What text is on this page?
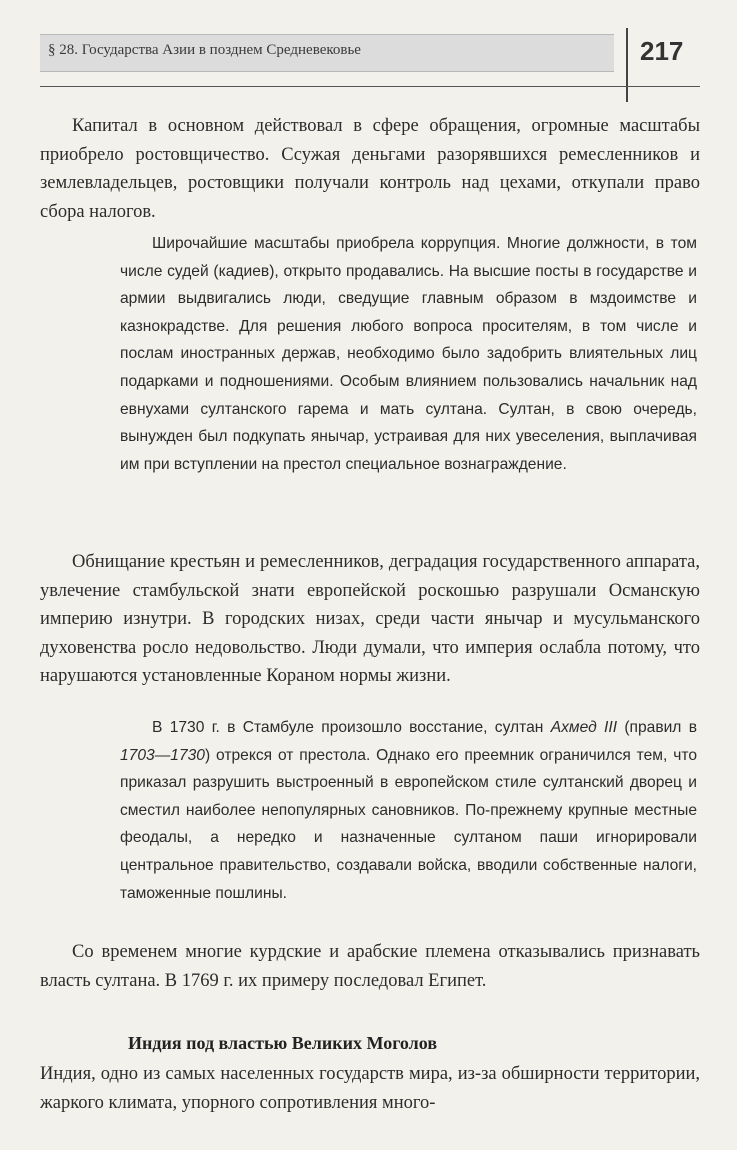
§ 28. Государства Азии в позднем Средневековье	217

Капитал в основном действовал в сфере обращения, огромные масштабы приобрело ростовщичество. Ссужая деньгами разорявшихся ремесленников и землевладельцев, ростовщики получали контроль над цехами, откупали право сбора налогов.

Широчайшие масштабы приобрела коррупция. Многие должности, в том числе судей (кадиев), открыто продавались. На высшие посты в государстве и армии выдвигались люди, сведущие главным образом в мздоимстве и казнокрадстве. Для решения любого вопроса просителям, в том числе и послам иностранных держав, необходимо было задобрить влиятельных лиц подарками и подношениями. Особым влиянием пользовались начальник над евнухами султанского гарема и мать султана. Султан, в свою очередь, вынужден был подкупать янычар, устраивая для них увеселения, выплачивая им при вступлении на престол специальное вознаграждение.

Обнищание крестьян и ремесленников, деградация государственного аппарата, увлечение стамбульской знати европейской роскошью разрушали Османскую империю изнутри. В городских низах, среди части янычар и мусульманского духовенства росло недовольство. Люди думали, что империя ослабла потому, что нарушаются установленные Кораном нормы жизни.

В 1730 г. в Стамбуле произошло восстание, султан Ахмед III (правил в 1703—1730) отрекся от престола. Однако его преемник ограничился тем, что приказал разрушить выстроенный в европейском стиле султанский дворец и сместил наиболее непопулярных сановников. По-прежнему крупные местные феодалы, а нередко и назначенные султаном паши игнорировали центральное правительство, создавали войска, вводили собственные налоги, таможенные пошлины.

Со временем многие курдские и арабские племена отказывались признавать власть султана. В 1769 г. их примеру последовал Египет.

Индия под властью Великих Моголов

Индия, одно из самых населенных государств мира, из-за обширности территории, жаркого климата, упорного сопротивления много-
